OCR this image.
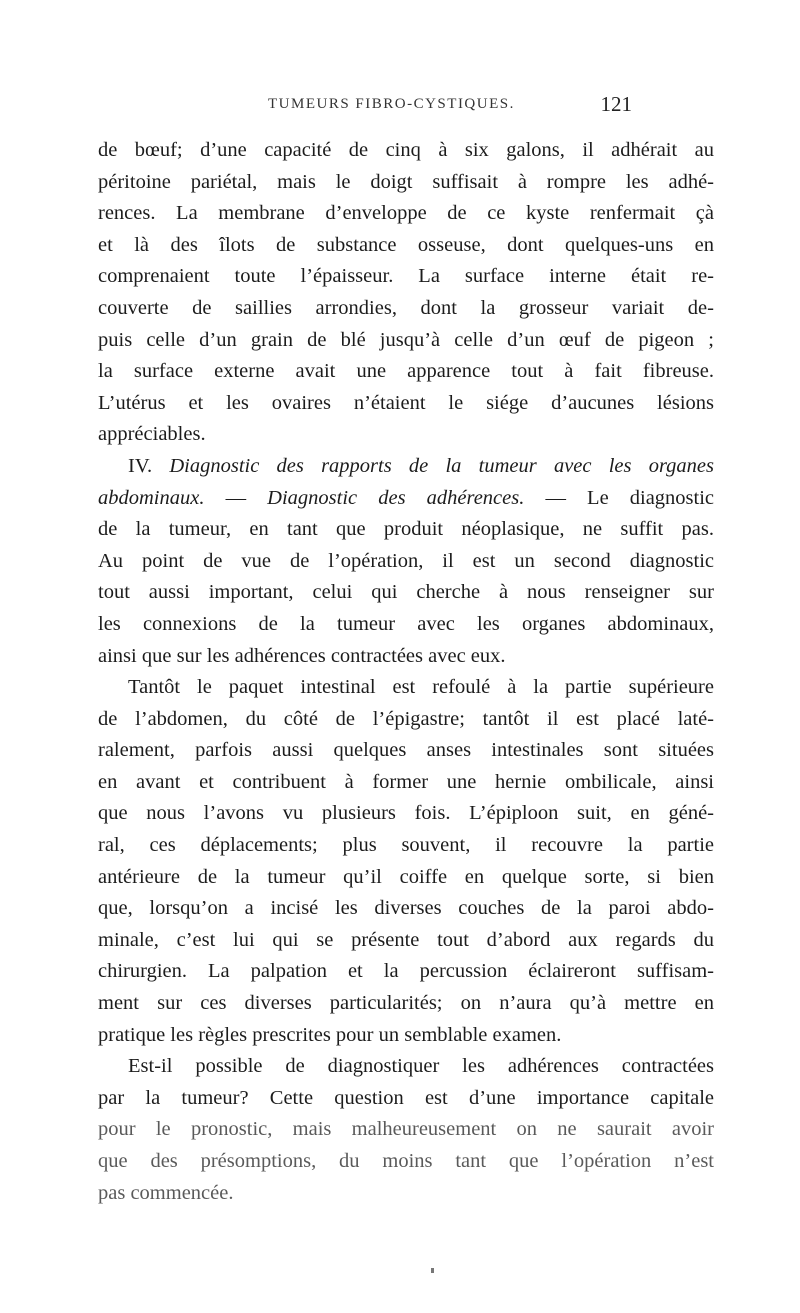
TUMEURS FIBRO-CYSTIQUES.	121
de bœuf; d’une capacité de cinq à six galons, il adhérait au
péritoine pariétal, mais le doigt suffisait à rompre les adhé-
rences. La membrane d’enveloppe de ce kyste renfermait çà
et là des îlots de substance osseuse, dont quelques-uns en
comprenaient toute l’épaisseur. La surface interne était re-
couverte de saillies arrondies, dont la grosseur variait de-
puis celle d’un grain de blé jusqu’à celle d’un œuf de pigeon ;
la surface externe avait une apparence tout à fait fibreuse.
L’utérus et les ovaires n’étaient le siége d’aucunes lésions
appréciables.
IV. Diagnostic des rapports de la tumeur avec les organes
abdominaux. — Diagnostic des adhérences. — Le diagnostic
de la tumeur, en tant que produit néoplasique, ne suffit pas.
Au point de vue de l’opération, il est un second diagnostic
tout aussi important, celui qui cherche à nous renseigner sur
les connexions de la tumeur avec les organes abdominaux,
ainsi que sur les adhérences contractées avec eux.
Tantôt le paquet intestinal est refoulé à la partie supérieure
de l’abdomen, du côté de l’épigastre; tantôt il est placé laté-
ralement, parfois aussi quelques anses intestinales sont situées
en avant et contribuent à former une hernie ombilicale, ainsi
que nous l’avons vu plusieurs fois. L’épiploon suit, en géné-
ral, ces déplacements; plus souvent, il recouvre la partie
antérieure de la tumeur qu’il coiffe en quelque sorte, si bien
que, lorsqu’on a incisé les diverses couches de la paroi abdo-
minale, c’est lui qui se présente tout d’abord aux regards du
chirurgien. La palpation et la percussion éclaireront suffisam-
ment sur ces diverses particularités; on n’aura qu’à mettre en
pratique les règles prescrites pour un semblable examen.
Est-il possible de diagnostiquer les adhérences contractées
par la tumeur? Cette question est d’une importance capitale
pour le pronostic, mais malheureusement on ne saurait avoir
que des présomptions, du moins tant que l’opération n’est
pas commencée.
